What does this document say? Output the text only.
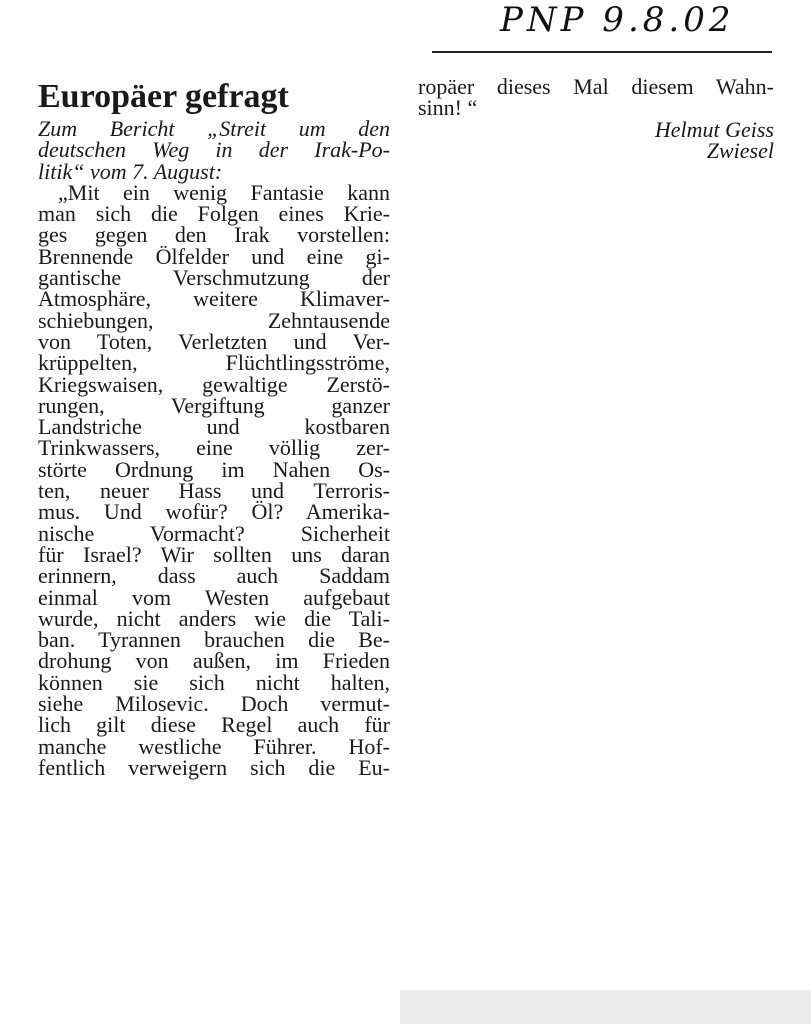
PNP 9.8.02
Europäer gefragt
Zum Bericht „Streit um den
deutschen Weg in der Irak-Po-
litik“ vom 7. August:
„Mit ein wenig Fantasie kann
man sich die Folgen eines Krie-
ges gegen den Irak vorstellen:
Brennende Ölfelder und eine gi-
gantische Verschmutzung der
Atmosphäre, weitere Klimaver-
schiebungen, Zehntausende
von Toten, Verletzten und Ver-
krüppelten, Flüchtlingsströme,
Kriegswaisen, gewaltige Zerstö-
rungen, Vergiftung ganzer
Landstriche und kostbaren
Trinkwassers, eine völlig zer-
störte Ordnung im Nahen Os-
ten, neuer Hass und Terroris-
mus. Und wofür? Öl? Amerika-
nische Vormacht? Sicherheit
für Israel? Wir sollten uns daran
erinnern, dass auch Saddam
einmal vom Westen aufgebaut
wurde, nicht anders wie die Tali-
ban. Tyrannen brauchen die Be-
drohung von außen, im Frieden
können sie sich nicht halten,
siehe Milosevic. Doch vermut-
lich gilt diese Regel auch für
manche westliche Führer. Hof-
fentlich verweigern sich die Eu-
ropäer dieses Mal diesem Wahn-
sinn! “
Helmut Geiss
Zwiesel
